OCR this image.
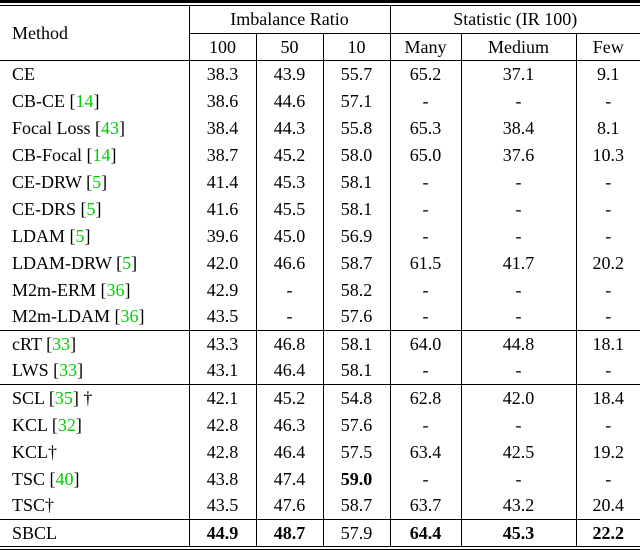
Method	Imbalance Ratio			Statistic (IR 100)		
	100	50	10	Many	Medium	Few
CE	38.3	43.9	55.7	65.2	37.1	9.1
CB-CE [14]	38.6	44.6	57.1	-	-	-
Focal Loss [43]	38.4	44.3	55.8	65.3	38.4	8.1
CB-Focal [14]	38.7	45.2	58.0	65.0	37.6	10.3
CE-DRW [5]	41.4	45.3	58.1	-	-	-
CE-DRS [5]	41.6	45.5	58.1	-	-	-
LDAM [5]	39.6	45.0	56.9	-	-	-
LDAM-DRW [5]	42.0	46.6	58.7	61.5	41.7	20.2
M2m-ERM [36]	42.9	-	58.2	-	-	-
M2m-LDAM [36]	43.5	-	57.6	-	-	-
cRT [33]	43.3	46.8	58.1	64.0	44.8	18.1
LWS [33]	43.1	46.4	58.1	-	-	-
SCL [35] †	42.1	45.2	54.8	62.8	42.0	18.4
KCL [32]	42.8	46.3	57.6	-	-	-
KCL†	42.8	46.4	57.5	63.4	42.5	19.2
TSC [40]	43.8	47.4	59.0	-	-	-
TSC†	43.5	47.6	58.7	63.7	43.2	20.4
SBCL	44.9	48.7	57.9	64.4	45.3	22.2
